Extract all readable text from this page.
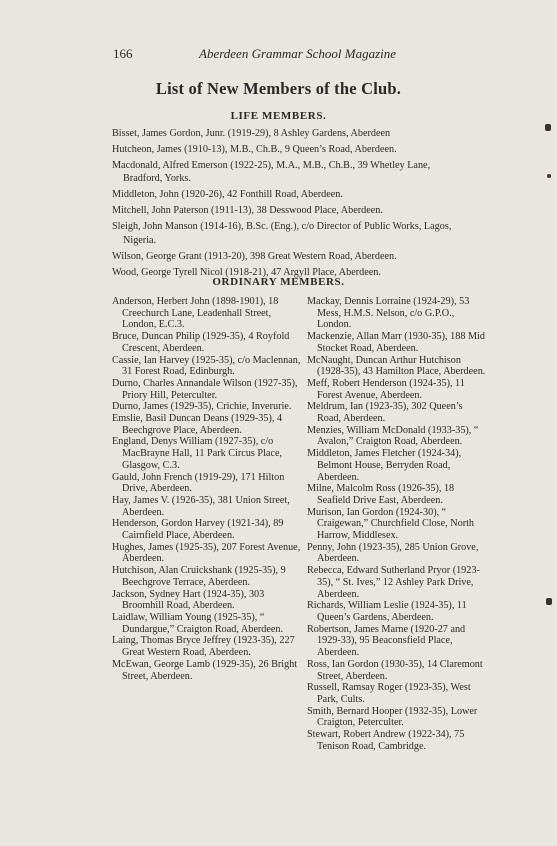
166	Aberdeen Grammar School Magazine
List of New Members of the Club.
LIFE MEMBERS.
Bisset, James Gordon, Junr. (1919-29), 8 Ashley Gardens, Aberdeen
Hutcheon, James (1910-13), M.B., Ch.B., 9 Queen’s Road, Aberdeen.
Macdonald, Alfred Emerson (1922-25), M.A., M.B., Ch.B., 39 Whetley Lane, Bradford, Yorks.
Middleton, John (1920-26), 42 Fonthill Road, Aberdeen.
Mitchell, John Paterson (1911-13), 38 Desswood Place, Aberdeen.
Sleigh, John Manson (1914-16), B.Sc. (Eng.), c/o Director of Public Works, Lagos, Nigeria.
Wilson, George Grant (1913-20), 398 Great Western Road, Aberdeen.
Wood, George Tyrell Nicol (1918-21), 47 Argyll Place, Aberdeen.
ORDINARY MEMBERS.
Anderson, Herbert John (1898-1901), 18 Creechurch Lane, Leadenhall Street, London, E.C.3.
Bruce, Duncan Philip (1929-35), 4 Royfold Crescent, Aberdeen.
Cassie, Ian Harvey (1925-35), c/o Maclennan, 31 Forest Road, Edinburgh.
Durno, Charles Annandale Wilson (1927-35), Priory Hill, Peterculter.
Durno, James (1929-35), Crichie, Inverurie.
Emslie, Basil Duncan Deans (1929-35), 4 Beechgrove Place, Aberdeen.
England, Denys William (1927-35), c/o MacBrayne Hall, 11 Park Circus Place, Glasgow, C.3.
Gauld, John French (1919-29), 171 Hilton Drive, Aberdeen.
Hay, James V. (1926-35), 381 Union Street, Aberdeen.
Henderson, Gordon Harvey (1921-34), 89 Cairnfield Place, Aberdeen.
Hughes, James (1925-35), 207 Forest Avenue, Aberdeen.
Hutchison, Alan Cruickshank (1925-35), 9 Beechgrove Terrace, Aberdeen.
Jackson, Sydney Hart (1924-35), 303 Broomhill Road, Aberdeen.
Laidlaw, William Young (1925-35), “ Dundargue,” Craigton Road, Aberdeen.
Laing, Thomas Bryce Jeffrey (1923-35), 227 Great Western Road, Aberdeen.
McEwan, George Lamb (1929-35), 26 Bright Street, Aberdeen.
Mackay, Dennis Lorraine (1924-29), 53 Mess, H.M.S. Nelson, c/o G.P.O., London.
Mackenzie, Allan Marr (1930-35), 188 Mid Stocket Road, Aberdeen.
McNaught, Duncan Arthur Hutchison (1928-35), 43 Hamilton Place, Aberdeen.
Meff, Robert Henderson (1924-35), 11 Forest Avenue, Aberdeen.
Meldrum, Ian (1923-35), 302 Queen’s Road, Aberdeen.
Menzies, William McDonald (1933-35), “ Avalon,” Craigton Road, Aberdeen.
Middleton, James Fletcher (1924-34), Belmont House, Berryden Road, Aberdeen.
Milne, Malcolm Ross (1926-35), 18 Seafield Drive East, Aberdeen.
Murison, Ian Gordon (1924-30), “ Craigewan,” Churchfield Close, North Harrow, Middlesex.
Penny, John (1923-35), 285 Union Grove, Aberdeen.
Rebecca, Edward Sutherland Pryor (1923-35), “ St. Ives,” 12 Ashley Park Drive, Aberdeen.
Richards, William Leslie (1924-35), 11 Queen’s Gardens, Aberdeen.
Robertson, James Marne (1920-27 and 1929-33), 95 Beaconsfield Place, Aberdeen.
Ross, Ian Gordon (1930-35), 14 Claremont Street, Aberdeen.
Russell, Ramsay Roger (1923-35), West Park, Cults.
Smith, Bernard Hooper (1932-35), Lower Craigton, Peterculter.
Stewart, Robert Andrew (1922-34), 75 Tenison Road, Cambridge.
